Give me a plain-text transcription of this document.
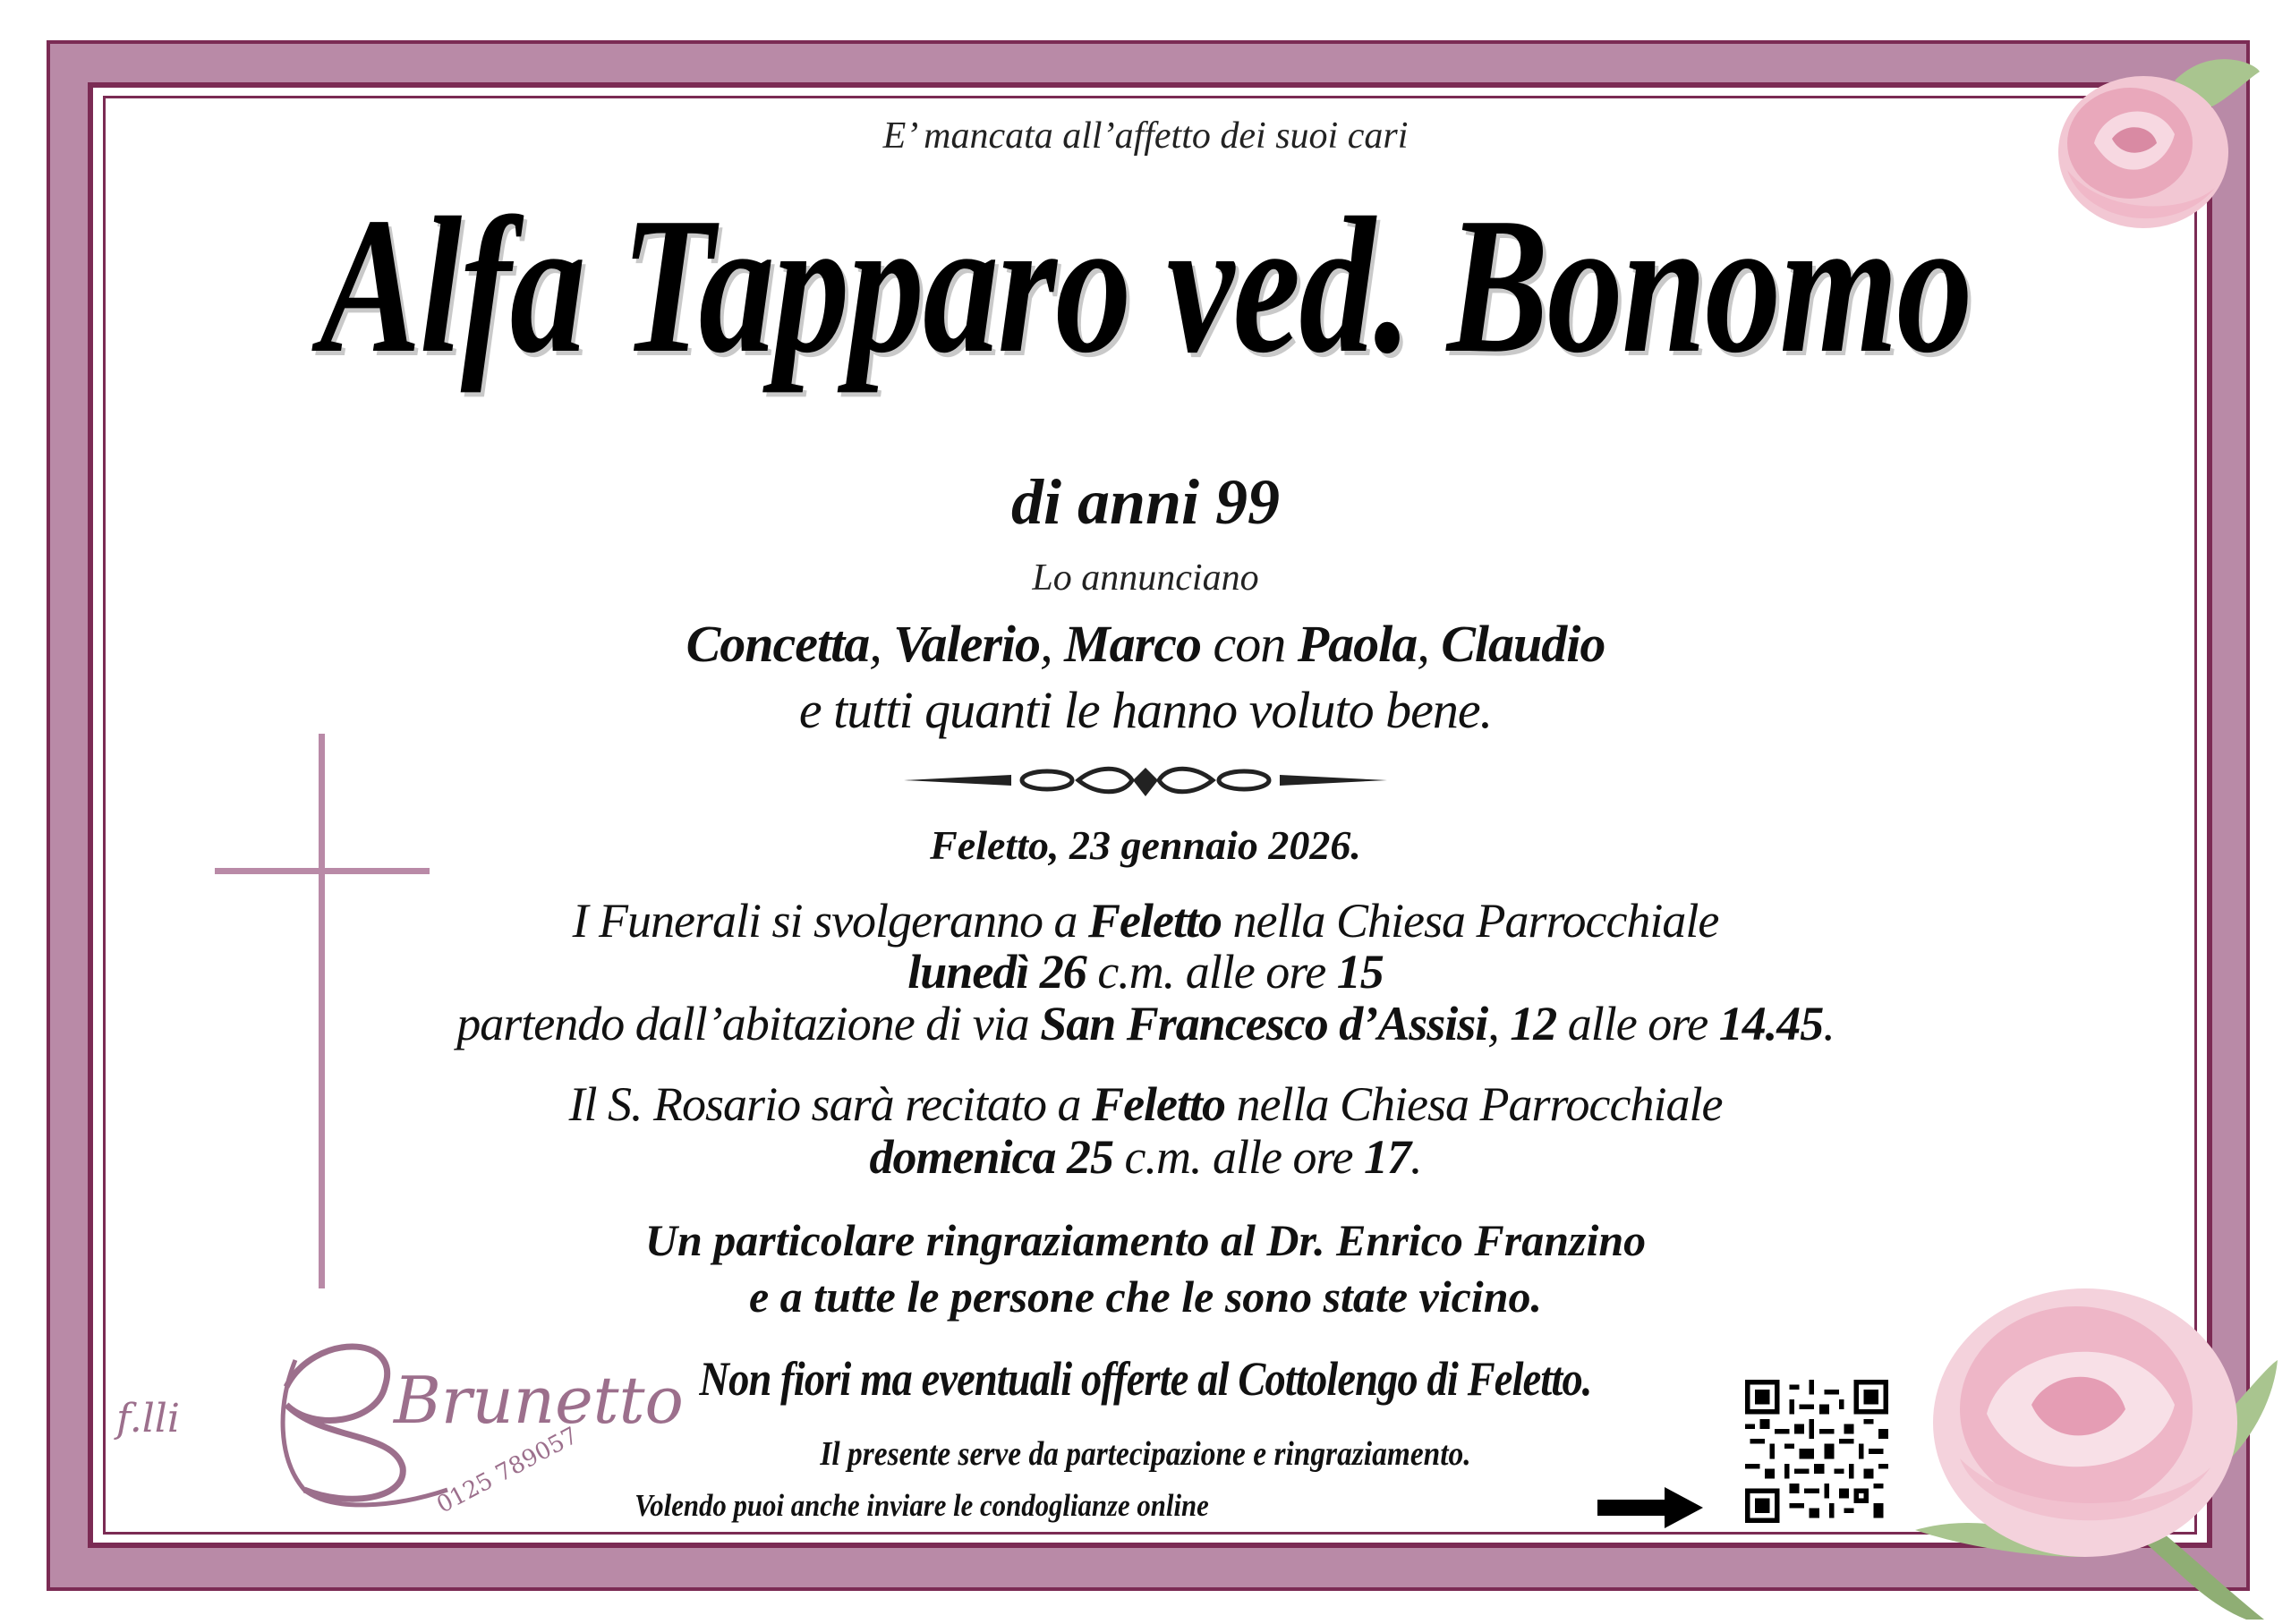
E’ mancata all’affetto dei suoi cari
Alfa Tapparo ved. Bonomo
di anni 99
Lo annunciano
Concetta, Valerio, Marco con Paola, Claudio
e tutti quanti le hanno voluto bene.
Feletto, 23 gennaio 2026.
I Funerali si svolgeranno a Feletto nella Chiesa Parrocchiale
lunedì 26 c.m. alle ore 15
partendo dall’abitazione di via San Francesco d’Assisi, 12 alle ore 14.45.
Il S. Rosario sarà recitato a Feletto nella Chiesa Parrocchiale
domenica 25 c.m. alle ore 17.
Un particolare ringraziamento al Dr. Enrico Franzino
e a tutte le persone che le sono state vicino.
Non fiori ma eventuali offerte al Cottolengo di Feletto.
Il presente serve da partecipazione e ringraziamento.
Volendo puoi anche inviare le condoglianze online
f.lli	Brunetto
0125 789057
